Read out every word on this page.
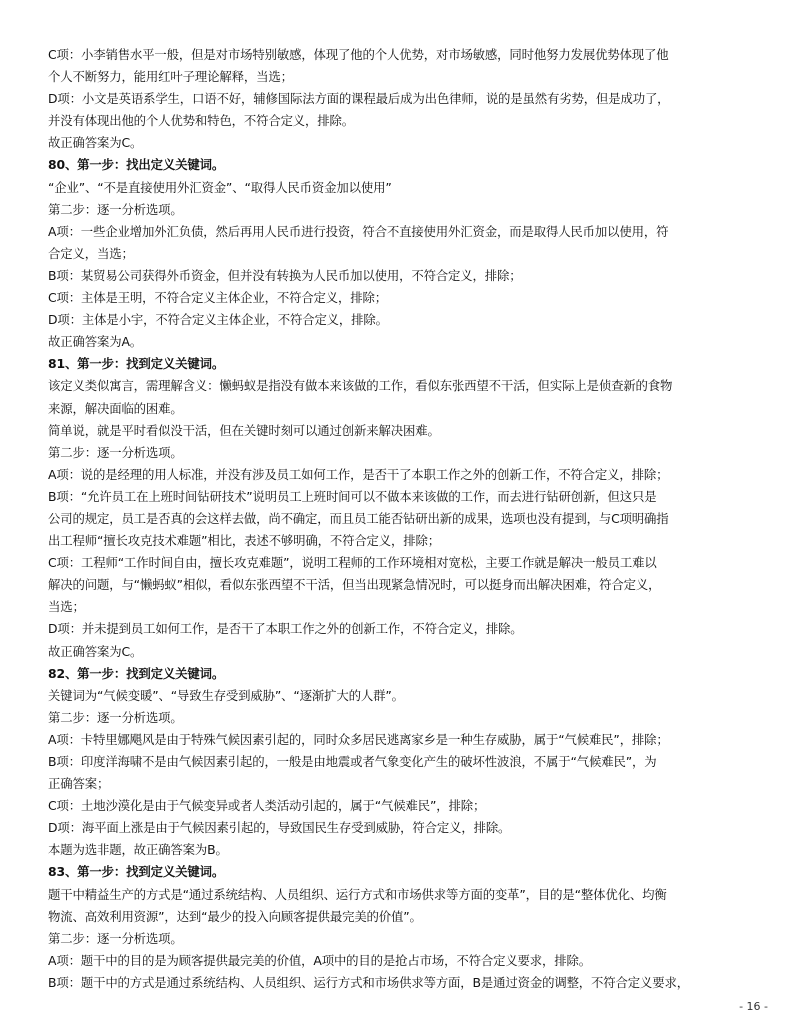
C项：小李销售水平一般，但是对市场特别敏感，体现了他的个人优势，对市场敏感，同时他努力发展优势体现了他
个人不断努力，能用红叶子理论解释，当选；
D项：小文是英语系学生，口语不好，辅修国际法方面的课程最后成为出色律师，说的是虽然有劣势，但是成功了，
并没有体现出他的个人优势和特色，不符合定义，排除。
故正确答案为C。
80、第一步：找出定义关键词。
“企业”、“不是直接使用外汇资金”、“取得人民币资金加以使用”
第二步：逐一分析选项。
A项：一些企业增加外汇负债，然后再用人民币进行投资，符合不直接使用外汇资金，而是取得人民币加以使用，符
合定义，当选；
B项：某贸易公司获得外币资金，但并没有转换为人民币加以使用，不符合定义，排除；
C项：主体是王明，不符合定义主体企业，不符合定义，排除；
D项：主体是小宇，不符合定义主体企业，不符合定义，排除。
故正确答案为A。
81、第一步：找到定义关键词。
该定义类似寓言，需理解含义：懒蚂蚁是指没有做本来该做的工作，看似东张西望不干活，但实际上是侦查新的食物
来源，解决面临的困难。
简单说，就是平时看似没干活，但在关键时刻可以通过创新来解决困难。
第二步：逐一分析选项。
A项：说的是经理的用人标准，并没有涉及员工如何工作，是否干了本职工作之外的创新工作，不符合定义，排除；
B项：“允许员工在上班时间钻研技术”说明员工上班时间可以不做本来该做的工作，而去进行钻研创新，但这只是
公司的规定，员工是否真的会这样去做，尚不确定，而且员工能否钻研出新的成果，选项也没有提到，与C项明确指
出工程师“擅长攻克技术难题”相比，表述不够明确，不符合定义，排除；
C项：工程师“工作时间自由，擅长攻克难题”，说明工程师的工作环境相对宽松，主要工作就是解决一般员工难以
解决的问题，与“懒蚂蚁”相似，看似东张西望不干活，但当出现紧急情况时，可以挺身而出解决困难，符合定义，
当选；
D项：并未提到员工如何工作，是否干了本职工作之外的创新工作，不符合定义，排除。
故正确答案为C。
82、第一步：找到定义关键词。
关键词为“气候变暖”、“导致生存受到威胁”、“逐渐扩大的人群”。
第二步：逐一分析选项。
A项：卡特里娜飓风是由于特殊气候因素引起的，同时众多居民逃离家乡是一种生存威胁，属于“气候难民”，排除；
B项：印度洋海啸不是由气候因素引起的，一般是由地震或者气象变化产生的破坏性波浪，不属于“气候难民”，为
正确答案；
C项：土地沙漠化是由于气候变异或者人类活动引起的，属于“气候难民”，排除；
D项：海平面上涨是由于气候因素引起的，导致国民生存受到威胁，符合定义，排除。
本题为选非题，故正确答案为B。
83、第一步：找到定义关键词。
题干中精益生产的方式是“通过系统结构、人员组织、运行方式和市场供求等方面的变革”，目的是“整体优化、均衡
物流、高效利用资源”，达到“最少的投入向顾客提供最完美的价值”。
第二步：逐一分析选项。
A项：题干中的目的是为顾客提供最完美的价值，A项中的目的是抢占市场，不符合定义要求，排除。
B项：题干中的方式是通过系统结构、人员组织、运行方式和市场供求等方面，B是通过资金的调整，不符合定义要求，
- 16 -
